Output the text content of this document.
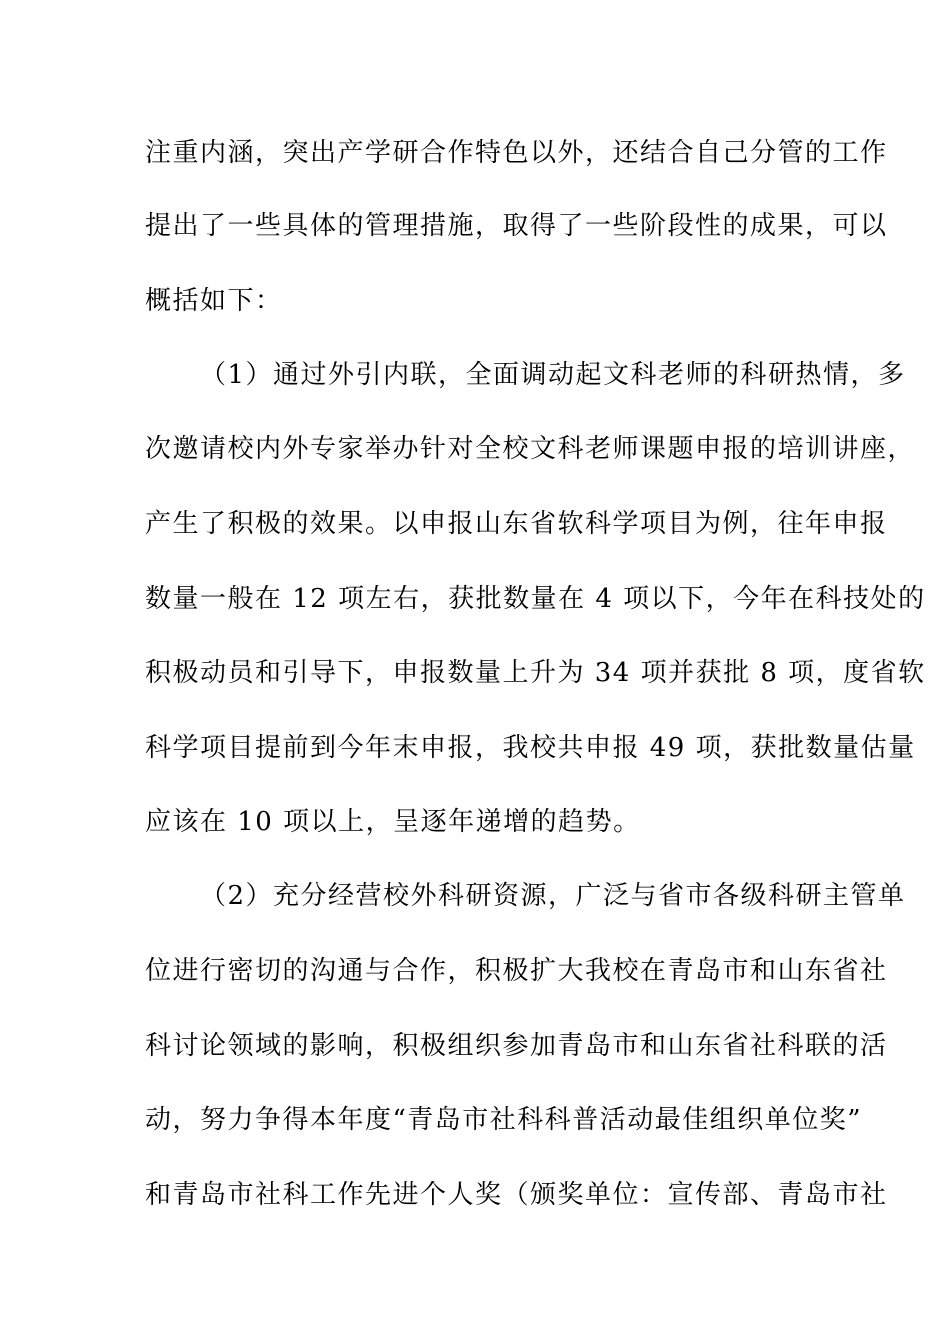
注重内涵，突出产学研合作特色以外，还结合自己分管的工作
提出了一些具体的管理措施，取得了一些阶段性的成果，可以
概括如下：
（1）通过外引内联，全面调动起文科老师的科研热情，多
次邀请校内外专家举办针对全校文科老师课题申报的培训讲座，
产生了积极的效果。以申报山东省软科学项目为例，往年申报
数量一般在 12 项左右，获批数量在 4 项以下，今年在科技处的
积极动员和引导下，申报数量上升为 34 项并获批 8 项，度省软
科学项目提前到今年末申报，我校共申报 49 项，获批数量估量
应该在 10 项以上，呈逐年递增的趋势。
（2）充分经营校外科研资源，广泛与省市各级科研主管单
位进行密切的沟通与合作，积极扩大我校在青岛市和山东省社
科讨论领域的影响，积极组织参加青岛市和山东省社科联的活
动，努力争得本年度“青岛市社科科普活动最佳组织单位奖”
和青岛市社科工作先进个人奖（颁奖单位：宣传部、青岛市社
